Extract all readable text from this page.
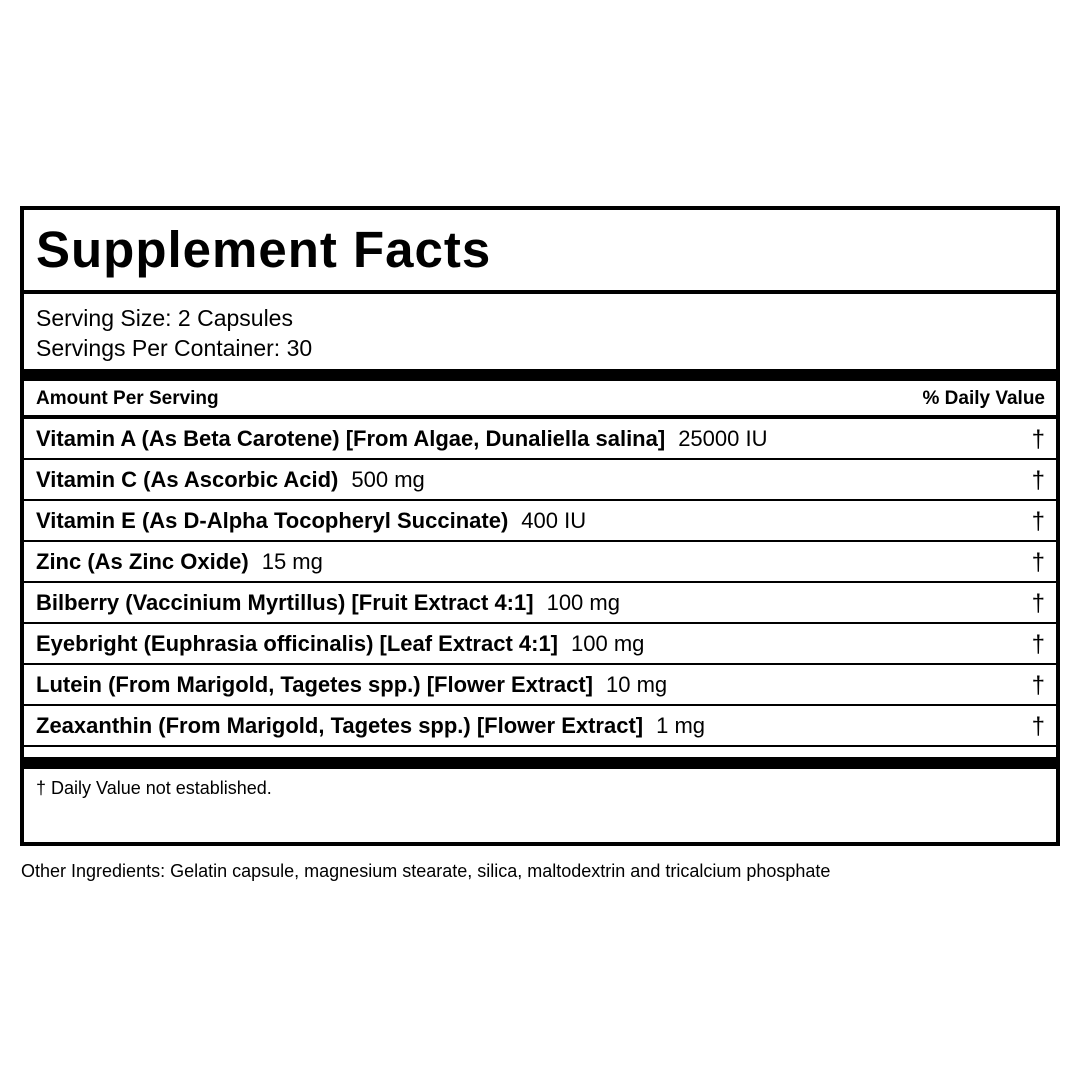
Supplement Facts
Serving Size: 2 Capsules
Servings Per Container: 30
Amount Per Serving	% Daily Value
Vitamin A (As Beta Carotene) [From Algae, Dunaliella salina] 25000 IU	†
Vitamin C (As Ascorbic Acid) 500 mg	†
Vitamin E (As D-Alpha Tocopheryl Succinate) 400 IU	†
Zinc (As Zinc Oxide) 15 mg	†
Bilberry (Vaccinium Myrtillus) [Fruit Extract 4:1] 100 mg	†
Eyebright (Euphrasia officinalis) [Leaf Extract 4:1] 100 mg	†
Lutein (From Marigold, Tagetes spp.) [Flower Extract] 10 mg	†
Zeaxanthin (From Marigold, Tagetes spp.) [Flower Extract] 1 mg	†
† Daily Value not established.
Other Ingredients: Gelatin capsule, magnesium stearate, silica, maltodextrin and tricalcium phosphate
